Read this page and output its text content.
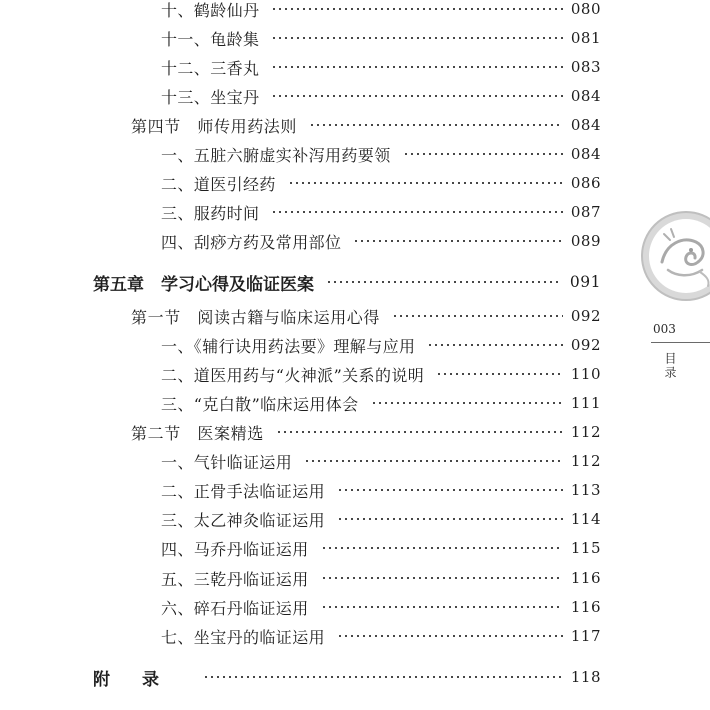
十、鹤龄仙丹	080
十一、龟龄集	081
十二、三香丸	083
十三、坐宝丹	084
第四节　师传用药法则	084
一、五脏六腑虚实补泻用药要领	084
二、道医引经药	086
三、服药时间	087
四、刮痧方药及常用部位	089
第五章　学习心得及临证医案	091
第一节　阅读古籍与临床运用心得	092
一、《辅行诀用药法要》理解与应用	092
二、道医用药与“火神派”关系的说明	110
三、“克白散”临床运用体会	111
第二节　医案精选	112
一、气针临证运用	112
二、正骨手法临证运用	113
三、太乙神灸临证运用	114
四、马乔丹临证运用	115
五、三乾丹临证运用	116
六、碎石丹临证运用	116
七、坐宝丹的临证运用	117
附录	118
003
目录
